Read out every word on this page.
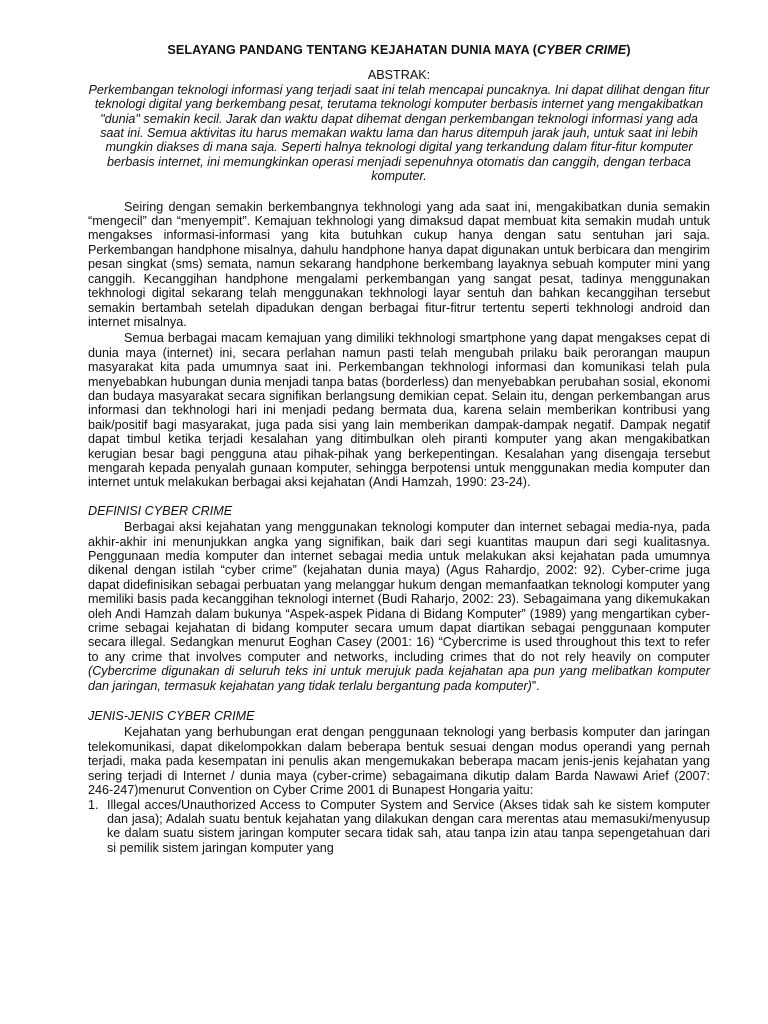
SELAYANG PANDANG TENTANG KEJAHATAN DUNIA MAYA (CYBER CRIME)
ABSTRAK:
Perkembangan teknologi informasi yang terjadi saat ini telah mencapai puncaknya. Ini dapat dilihat dengan fitur teknologi digital yang berkembang pesat, terutama teknologi komputer berbasis internet yang mengakibatkan "dunia" semakin kecil. Jarak dan waktu dapat dihemat dengan perkembangan teknologi informasi yang ada saat ini. Semua aktivitas itu harus memakan waktu lama dan harus ditempuh jarak jauh, untuk saat ini lebih mungkin diakses di mana saja. Seperti halnya teknologi digital yang terkandung dalam fitur-fitur komputer berbasis internet, ini memungkinkan operasi menjadi sepenuhnya otomatis dan canggih, dengan terbaca komputer.

Seiring dengan semakin berkembangnya tekhnologi yang ada saat ini, mengakibatkan dunia semakin “mengecil” dan “menyempit”. Kemajuan tekhnologi yang dimaksud dapat membuat kita semakin mudah untuk mengakses informasi-informasi yang kita butuhkan cukup hanya dengan satu sentuhan jari saja. Perkembangan handphone misalnya, dahulu handphone hanya dapat digunakan untuk berbicara dan mengirim pesan singkat (sms) semata, namun sekarang handphone berkembang layaknya sebuah komputer mini yang canggih. Kecanggihan handphone mengalami perkembangan yang sangat pesat, tadinya menggunakan tekhnologi digital sekarang telah menggunakan tekhnologi layar sentuh dan bahkan kecanggihan tersebut semakin bertambah setelah dipadukan dengan berbagai fitur-fitrur tertentu seperti tekhnologi android dan internet misalnya.

Semua berbagai macam kemajuan yang dimiliki tekhnologi smartphone yang dapat mengakses cepat di dunia maya (internet) ini, secara perlahan namun pasti telah mengubah prilaku baik perorangan maupun masyarakat kita pada umumnya saat ini. Perkembangan tekhnologi informasi dan komunikasi telah pula menyebabkan hubungan dunia menjadi tanpa batas (borderless) dan menyebabkan perubahan sosial, ekonomi dan budaya masyarakat secara signifikan berlangsung demikian cepat. Selain itu, dengan perkembangan arus informasi dan tekhnologi hari ini menjadi pedang bermata dua, karena selain memberikan kontribusi yang baik/positif bagi masyarakat, juga pada sisi yang lain memberikan dampak-dampak negatif. Dampak negatif dapat timbul ketika terjadi kesalahan yang ditimbulkan oleh piranti komputer yang akan mengakibatkan kerugian besar bagi pengguna atau pihak-pihak yang berkepentingan. Kesalahan yang disengaja tersebut mengarah kepada penyalah gunaan komputer, sehingga berpotensi untuk menggunakan media komputer dan internet untuk melakukan berbagai aksi kejahatan (Andi Hamzah, 1990: 23-24).

DEFINISI CYBER CRIME

Berbagai aksi kejahatan yang menggunakan teknologi komputer dan internet sebagai media-nya, pada akhir-akhir ini menunjukkan angka yang signifikan, baik dari segi kuantitas maupun dari segi kualitasnya. Penggunaan media komputer dan internet sebagai media untuk melakukan aksi kejahatan pada umumnya dikenal dengan istilah “cyber crime” (kejahatan dunia maya) (Agus Rahardjo, 2002: 92). Cyber-crime juga dapat didefinisikan sebagai perbuatan yang melanggar hukum dengan memanfaatkan teknologi komputer yang memiliki basis pada kecanggihan teknologi internet (Budi Raharjo, 2002: 23). Sebagaimana yang dikemukakan oleh Andi Hamzah dalam bukunya “Aspek-aspek Pidana di Bidang Komputer” (1989) yang mengartikan cyber-crime sebagai kejahatan di bidang komputer secara umum dapat diartikan sebagai penggunaan komputer secara illegal. Sedangkan menurut Eoghan Casey (2001: 16) “Cybercrime is used throughout this text to refer to any crime that involves computer and networks, including crimes that do not rely heavily on computer (Cybercrime digunakan di seluruh teks ini untuk merujuk pada kejahatan apa pun yang melibatkan komputer dan jaringan, termasuk kejahatan yang tidak terlalu bergantung pada komputer)”.

JENIS-JENIS CYBER CRIME

Kejahatan yang berhubungan erat dengan penggunaan teknologi yang berbasis komputer dan jaringan telekomunikasi, dapat dikelompokkan dalam beberapa bentuk sesuai dengan modus operandi yang pernah terjadi, maka pada kesempatan ini penulis akan mengemukakan beberapa macam jenis-jenis kejahatan yang sering terjadi di Internet / dunia maya (cyber-crime) sebagaimana dikutip dalam Barda Nawawi Arief (2007: 246-247)menurut Convention on Cyber Crime 2001 di Bunapest Hongaria yaitu:

1. Illegal acces/Unauthorized Access to Computer System and Service (Akses tidak sah ke sistem komputer dan jasa); Adalah suatu bentuk kejahatan yang dilakukan dengan cara merentas atau memasuki/menyusup ke dalam suatu sistem jaringan komputer secara tidak sah, atau tanpa izin atau tanpa sepengetahuan dari si pemilik sistem jaringan komputer yang
